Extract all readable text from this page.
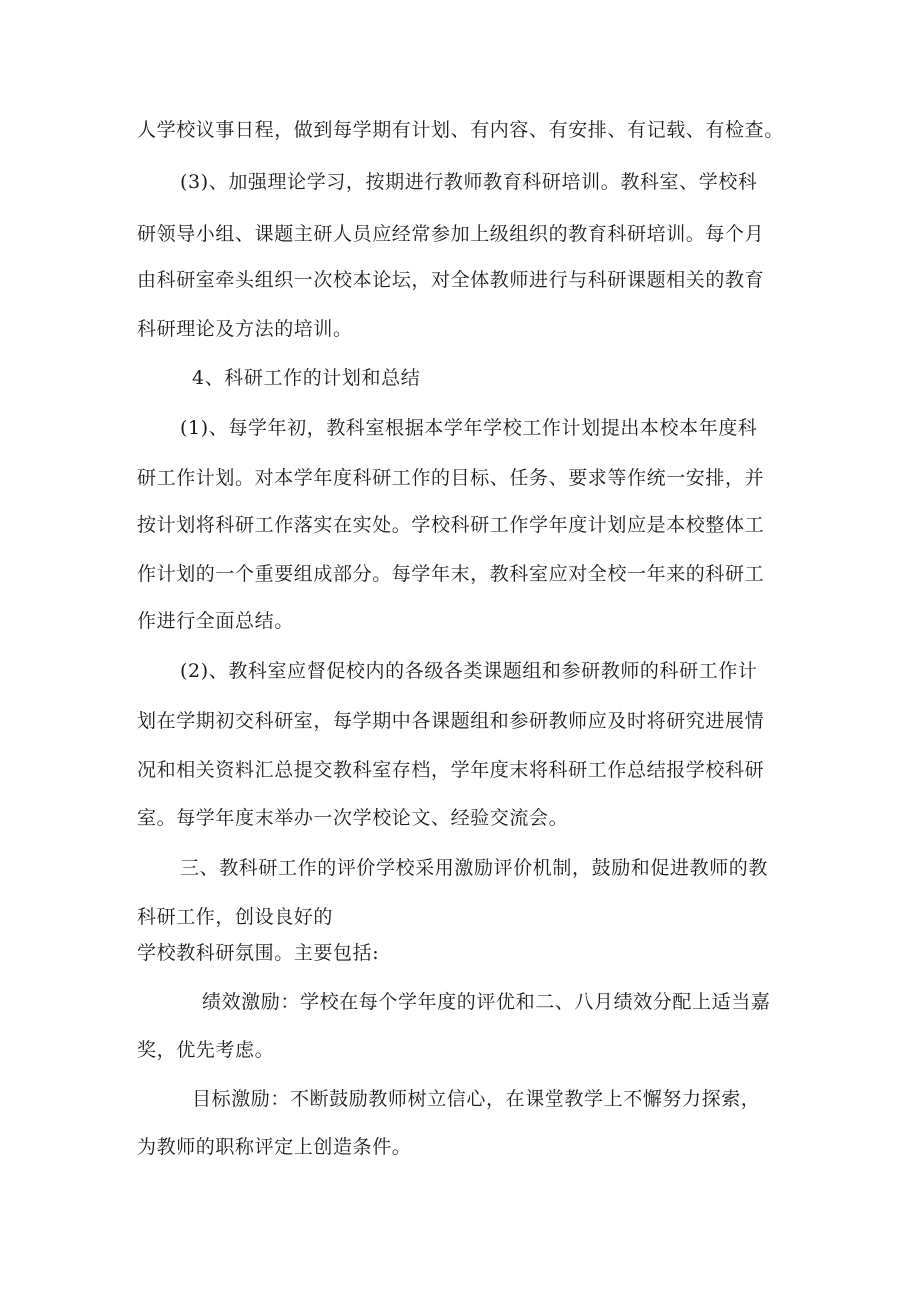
人学校议事日程，做到每学期有计划、有内容、有安排、有记载、有检查。
(3)、加强理论学习，按期进行教师教育科研培训。教科室、学校科
研领导小组、课题主研人员应经常参加上级组织的教育科研培训。每个月
由科研室牵头组织一次校本论坛，对全体教师进行与科研课题相关的教育
科研理论及方法的培训。
4、科研工作的计划和总结
(1)、每学年初，教科室根据本学年学校工作计划提出本校本年度科
研工作计划。对本学年度科研工作的目标、任务、要求等作统一安排，并
按计划将科研工作落实在实处。学校科研工作学年度计划应是本校整体工
作计划的一个重要组成部分。每学年末，教科室应对全校一年来的科研工
作进行全面总结。
(2)、教科室应督促校内的各级各类课题组和参研教师的科研工作计
划在学期初交科研室，每学期中各课题组和参研教师应及时将研究进展情
况和相关资料汇总提交教科室存档，学年度末将科研工作总结报学校科研
室。每学年度末举办一次学校论文、经验交流会。
三、教科研工作的评价学校采用激励评价机制，鼓励和促进教师的教
科研工作，创设良好的
学校教科研氛围。主要包括:
绩效激励：学校在每个学年度的评优和二、八月绩效分配上适当嘉
奖，优先考虑。
目标激励：不断鼓励教师树立信心，在课堂教学上不懈努力探索，
为教师的职称评定上创造条件。
